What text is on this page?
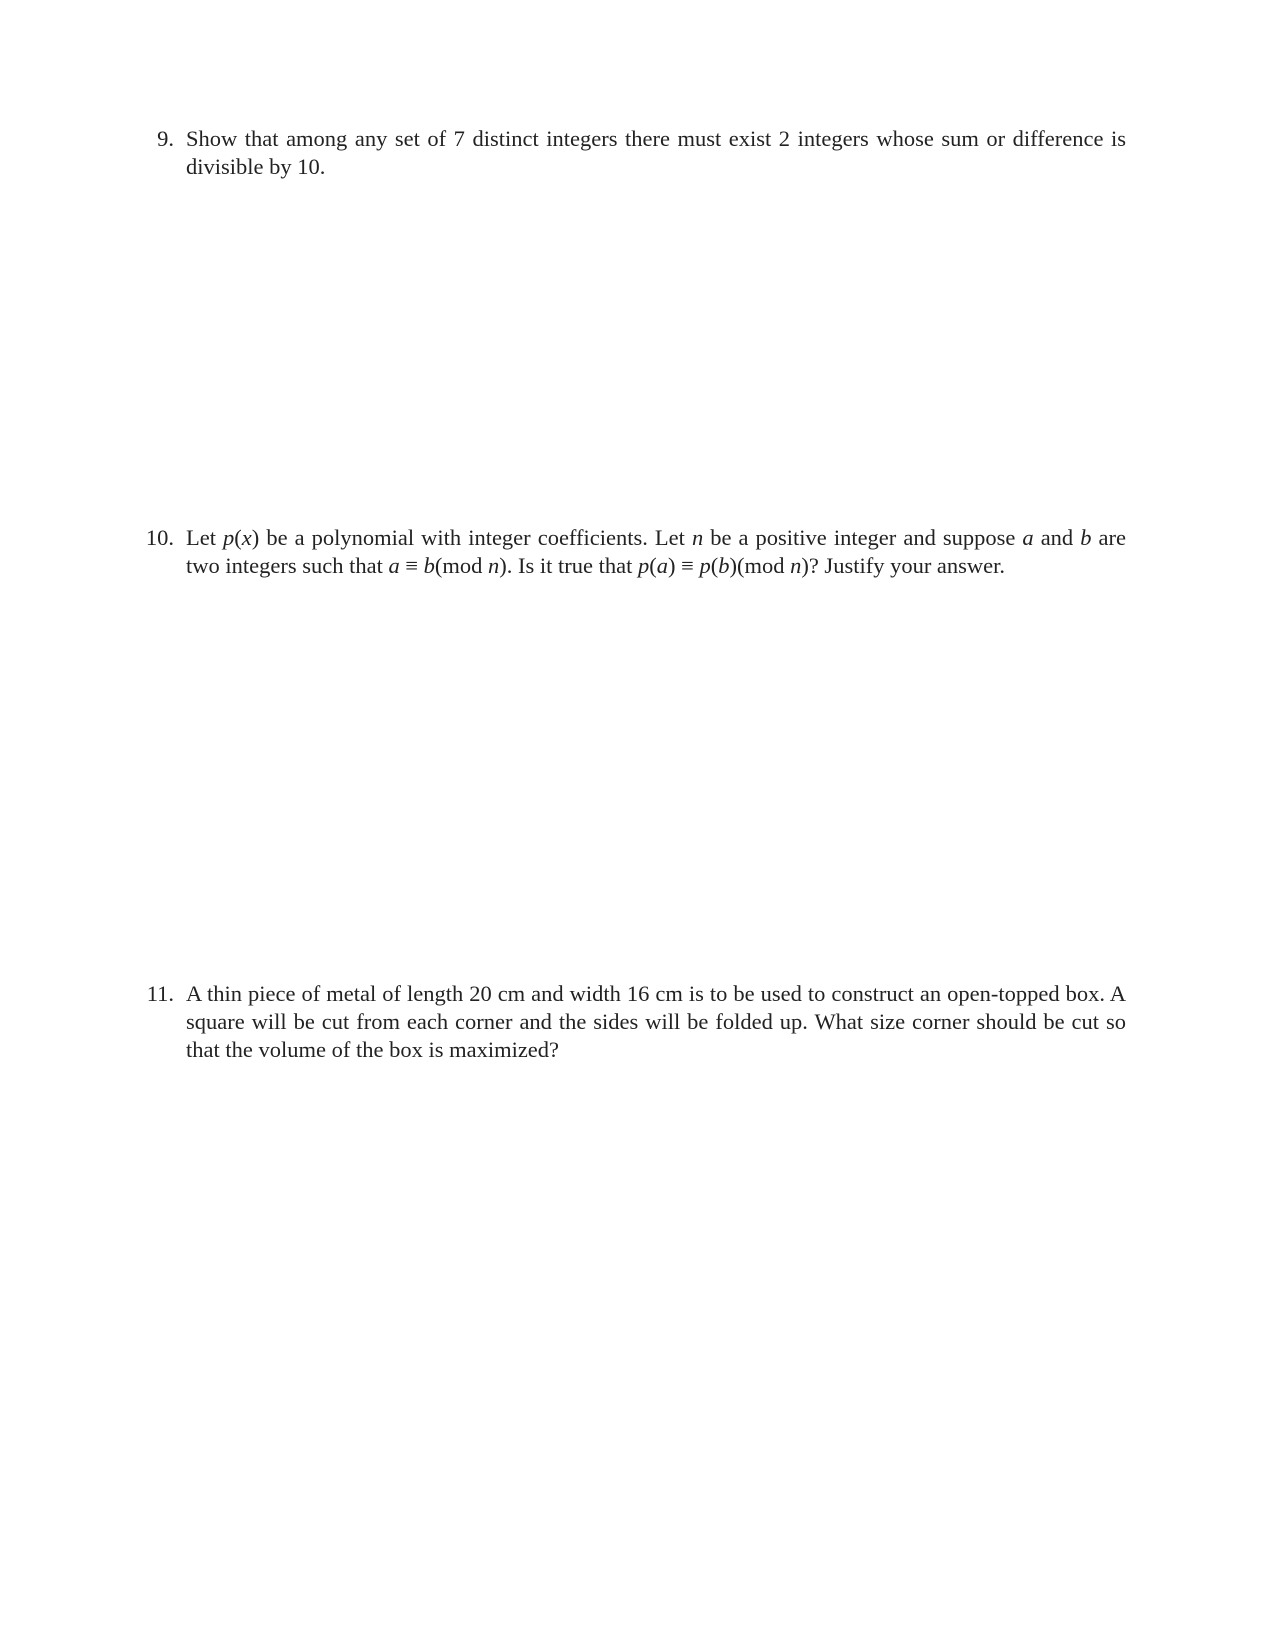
9. Show that among any set of 7 distinct integers there must exist 2 integers whose sum or difference is divisible by 10.
10. Let p(x) be a polynomial with integer coefficients. Let n be a positive integer and suppose a and b are two integers such that a ≡ b(mod n). Is it true that p(a) ≡ p(b)(mod n)? Justify your answer.
11. A thin piece of metal of length 20 cm and width 16 cm is to be used to construct an open-topped box. A square will be cut from each corner and the sides will be folded up. What size corner should be cut so that the volume of the box is maximized?
